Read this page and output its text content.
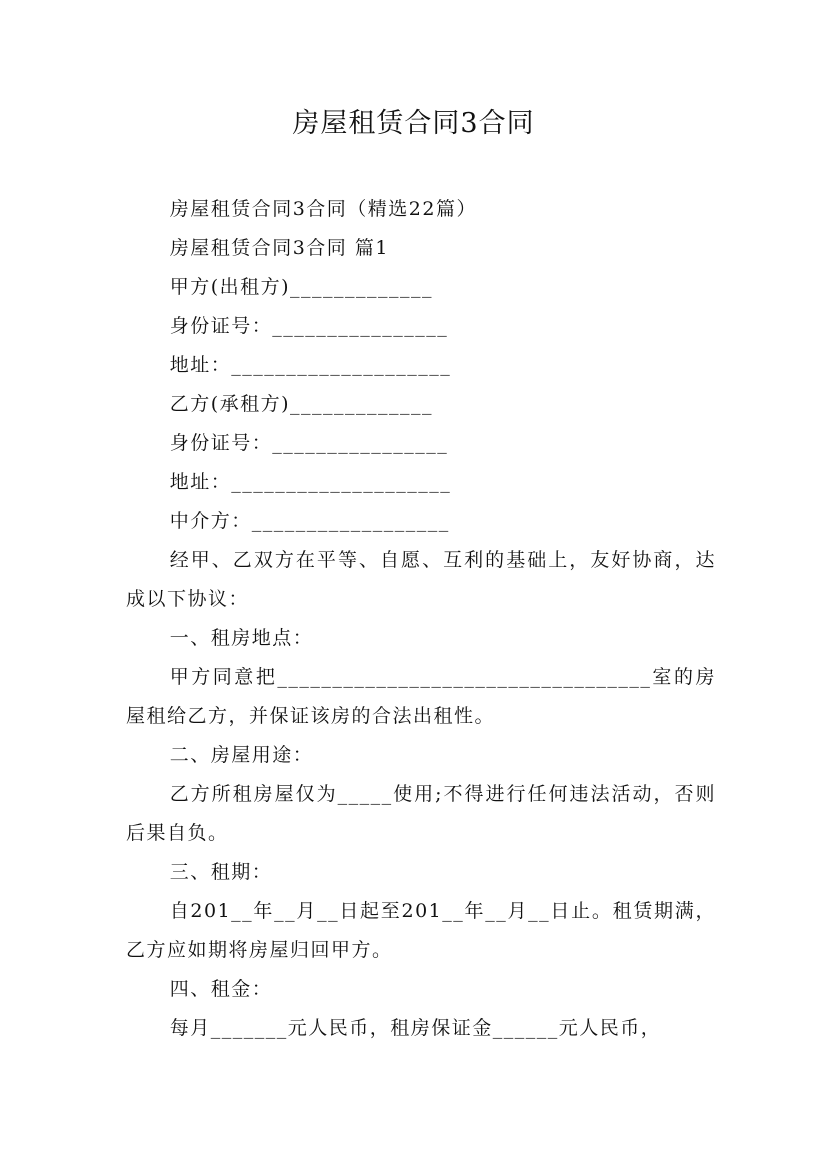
房屋租赁合同3合同

房屋租赁合同3合同（精选22篇）

房屋租赁合同3合同 篇1

甲方(出租方)_____________

身份证号：________________

地址：____________________

乙方(承租方)_____________

身份证号：________________

地址：____________________

中介方：__________________

经甲、乙双方在平等、自愿、互利的基础上，友好协商，达成以下协议：

一、租房地点：

甲方同意把__________________________________室的房屋租给乙方，并保证该房的合法出租性。

二、房屋用途：

乙方所租房屋仅为_____使用;不得进行任何违法活动，否则后果自负。

三、租期：

自201__年__月__日起至201__年__月__日止。租赁期满，乙方应如期将房屋归回甲方。

四、租金：

每月_______元人民币，租房保证金______元人民币，
